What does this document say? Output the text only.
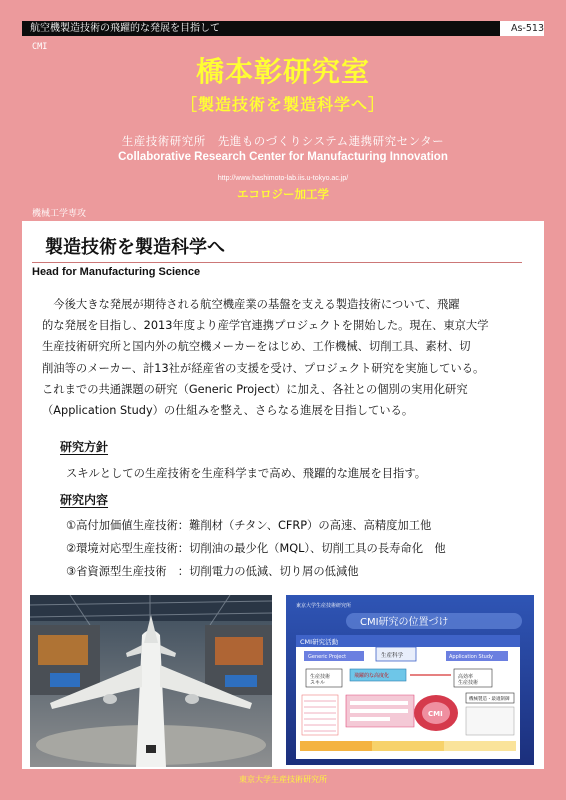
航空機製造技術の飛躍的な発展を目指して	As-513
CMI
橋本彰研究室
［製造技術を製造科学へ］
生産技術研究所　先進ものづくりシステム連携研究センター
Collaborative Research Center for Manufacturing Innovation
http://www.hashimoto-lab.iis.u-tokyo.ac.jp/
エコロジー加工学
機械工学専攻
製造技術を製造科学へ
Head for Manufacturing Science

　今後大きな発展が期待される航空機産業の基盤を支える製造技術について、飛躍

的な発展を目指し、2013年度より産学官連携プロジェクトを開始した。現在、東京大学

生産技術研究所と国内外の航空機メーカーをはじめ、工作機械、切削工具、素材、切

削油等のメーカー、計13社が経産省の支援を受け、プロジェクト研究を実施している。

これまでの共通課題の研究（Generic Project）に加え、各社との個別の実用化研究

（Application Study）の仕組みを整え、さらなる進展を目指している。

研究方針
スキルとしての生産技術を生産科学まで高め、飛躍的な進展を目指す。
研究内容
①高付加価値生産技術：難削材（チタン、CFRP）の高速、高精度加工他
②環境対応型生産技術：切削油の最少化（MQL）、切削工具の長寿命化　他
③省資源型生産技術　：切削電力の低減、切り屑の低減他
東京大学生産技術研究所
CMI研究の位置づけ
CMI研究活動
Generic Project	生産科学	Application Study
生産技術スキル
飛躍的な高度化	高効率生産技術
CMI
機械製造・最適制御
東京大学生産技術研究所
